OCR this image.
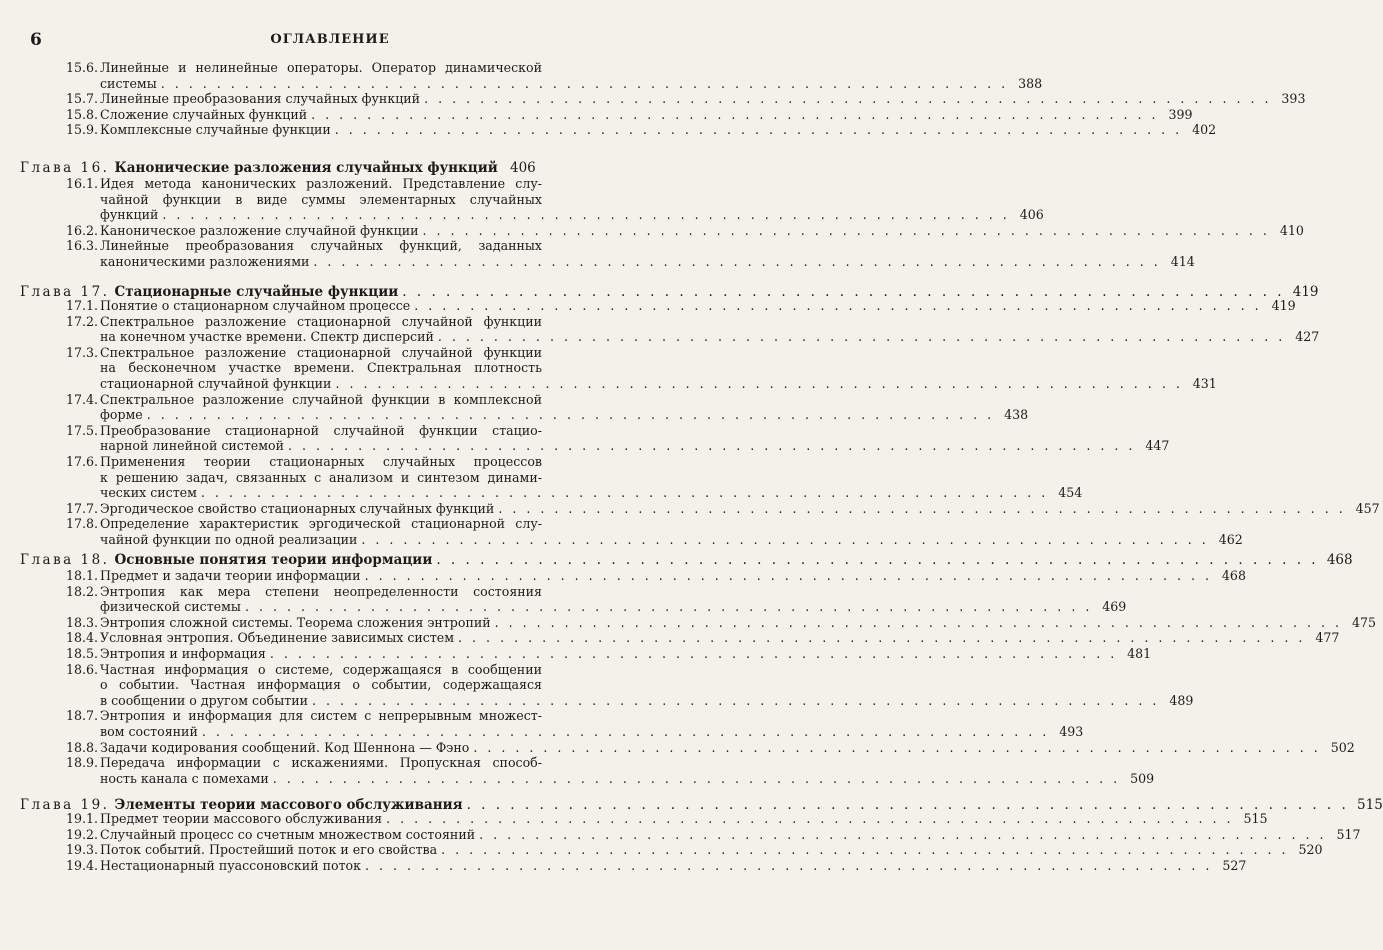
6	ОГЛАВЛЕНИЕ
15.6. Линейные и нелинейные операторы. Оператор динамической
системы . . . . . . . . . . . . . . . . . . . . . . . . . . . . . . . . . . . . . . . . . . . . . . . . . . . . . . . . . . . . . 388
15.7. Линейные преобразования случайных функций . . . . . . . . . . . . . . . . . . . . . . . . . . . . . . . . . . . . . . . . . . . . . . . . . . . . . . . . . . . . . 393
15.8. Сложение случайных функций . . . . . . . . . . . . . . . . . . . . . . . . . . . . . . . . . . . . . . . . . . . . . . . . . . . . . . . . . . . . . 399
15.9. Комплексные случайные функции . . . . . . . . . . . . . . . . . . . . . . . . . . . . . . . . . . . . . . . . . . . . . . . . . . . . . . . . . . . . . 402
Глава 16. Канонические разложения случайных функций 406
16.1. Идея метода канонических разложений. Представление слу-
чайной функции в виде суммы элементарных случайных
функций . . . . . . . . . . . . . . . . . . . . . . . . . . . . . . . . . . . . . . . . . . . . . . . . . . . . . . . . . . . . . 406
16.2. Каноническое разложение случайной функции . . . . . . . . . . . . . . . . . . . . . . . . . . . . . . . . . . . . . . . . . . . . . . . . . . . . . . . . . . . . . 410
16.3. Линейные преобразования случайных функций, заданных
каноническими разложениями . . . . . . . . . . . . . . . . . . . . . . . . . . . . . . . . . . . . . . . . . . . . . . . . . . . . . . . . . . . . . 414
Глава 17. Стационарные случайные функции . . . . . . . . . . . . . . . . . . . . . . . . . . . . . . . . . . . . . . . . . . . . . . . . . . . . . . . . . . . . . 419
17.1. Понятие о стационарном случайном процессе . . . . . . . . . . . . . . . . . . . . . . . . . . . . . . . . . . . . . . . . . . . . . . . . . . . . . . . . . . . . . 419
17.2. Спектральное разложение стационарной случайной функции
на конечном участке времени. Спектр дисперсий . . . . . . . . . . . . . . . . . . . . . . . . . . . . . . . . . . . . . . . . . . . . . . . . . . . . . . . . . . . . . 427
17.3. Спектральное разложение стационарной случайной функции
на бесконечном участке времени. Спектральная плотность
стационарной случайной функции . . . . . . . . . . . . . . . . . . . . . . . . . . . . . . . . . . . . . . . . . . . . . . . . . . . . . . . . . . . . . 431
17.4. Спектральное разложение случайной функции в комплексной
форме . . . . . . . . . . . . . . . . . . . . . . . . . . . . . . . . . . . . . . . . . . . . . . . . . . . . . . . . . . . . . 438
17.5. Преобразование стационарной случайной функции стацио-
нарной линейной системой . . . . . . . . . . . . . . . . . . . . . . . . . . . . . . . . . . . . . . . . . . . . . . . . . . . . . . . . . . . . . 447
17.6. Применения теории стационарных случайных процессов
к решению задач, связанных с анализом и синтезом динами-
ческих систем . . . . . . . . . . . . . . . . . . . . . . . . . . . . . . . . . . . . . . . . . . . . . . . . . . . . . . . . . . . . . 454
17.7. Эргодическое свойство стационарных случайных функций . . . . . . . . . . . . . . . . . . . . . . . . . . . . . . . . . . . . . . . . . . . . . . . . . . . . . . . . . . . . . 457
17.8. Определение характеристик эргодической стационарной слу-
чайной функции по одной реализации . . . . . . . . . . . . . . . . . . . . . . . . . . . . . . . . . . . . . . . . . . . . . . . . . . . . . . . . . . . . . 462
Глава 18. Основные понятия теории информации . . . . . . . . . . . . . . . . . . . . . . . . . . . . . . . . . . . . . . . . . . . . . . . . . . . . . . . . . . . . . 468
18.1. Предмет и задачи теории информации . . . . . . . . . . . . . . . . . . . . . . . . . . . . . . . . . . . . . . . . . . . . . . . . . . . . . . . . . . . . . 468
18.2. Энтропия как мера степени неопределенности состояния
физической системы . . . . . . . . . . . . . . . . . . . . . . . . . . . . . . . . . . . . . . . . . . . . . . . . . . . . . . . . . . . . . 469
18.3. Энтропия сложной системы. Теорема сложения энтропий . . . . . . . . . . . . . . . . . . . . . . . . . . . . . . . . . . . . . . . . . . . . . . . . . . . . . . . . . . . . . 475
18.4. Условная энтропия. Объединение зависимых систем . . . . . . . . . . . . . . . . . . . . . . . . . . . . . . . . . . . . . . . . . . . . . . . . . . . . . . . . . . . . . 477
18.5. Энтропия и информация . . . . . . . . . . . . . . . . . . . . . . . . . . . . . . . . . . . . . . . . . . . . . . . . . . . . . . . . . . . . . 481
18.6. Частная информация о системе, содержащаяся в сообщении
о событии. Частная информация о событии, содержащаяся
в сообщении о другом событии . . . . . . . . . . . . . . . . . . . . . . . . . . . . . . . . . . . . . . . . . . . . . . . . . . . . . . . . . . . . . 489
18.7. Энтропия и информация для систем с непрерывным множест-
вом состояний . . . . . . . . . . . . . . . . . . . . . . . . . . . . . . . . . . . . . . . . . . . . . . . . . . . . . . . . . . . . . 493
18.8. Задачи кодирования сообщений. Код Шеннона — Фэно . . . . . . . . . . . . . . . . . . . . . . . . . . . . . . . . . . . . . . . . . . . . . . . . . . . . . . . . . . . . . 502
18.9. Передача информации с искажениями. Пропускная способ-
ность канала с помехами . . . . . . . . . . . . . . . . . . . . . . . . . . . . . . . . . . . . . . . . . . . . . . . . . . . . . . . . . . . . . 509
Глава 19. Элементы теории массового обслуживания . . . . . . . . . . . . . . . . . . . . . . . . . . . . . . . . . . . . . . . . . . . . . . . . . . . . . . . . . . . . . 515
19.1. Предмет теории массового обслуживания . . . . . . . . . . . . . . . . . . . . . . . . . . . . . . . . . . . . . . . . . . . . . . . . . . . . . . . . . . . . . 515
19.2. Случайный процесс со счетным множеством состояний . . . . . . . . . . . . . . . . . . . . . . . . . . . . . . . . . . . . . . . . . . . . . . . . . . . . . . . . . . . . . 517
19.3. Поток событий. Простейший поток и его свойства . . . . . . . . . . . . . . . . . . . . . . . . . . . . . . . . . . . . . . . . . . . . . . . . . . . . . . . . . . . . . 520
19.4. Нестационарный пуассоновский поток . . . . . . . . . . . . . . . . . . . . . . . . . . . . . . . . . . . . . . . . . . . . . . . . . . . . . . . . . . . . . 527
